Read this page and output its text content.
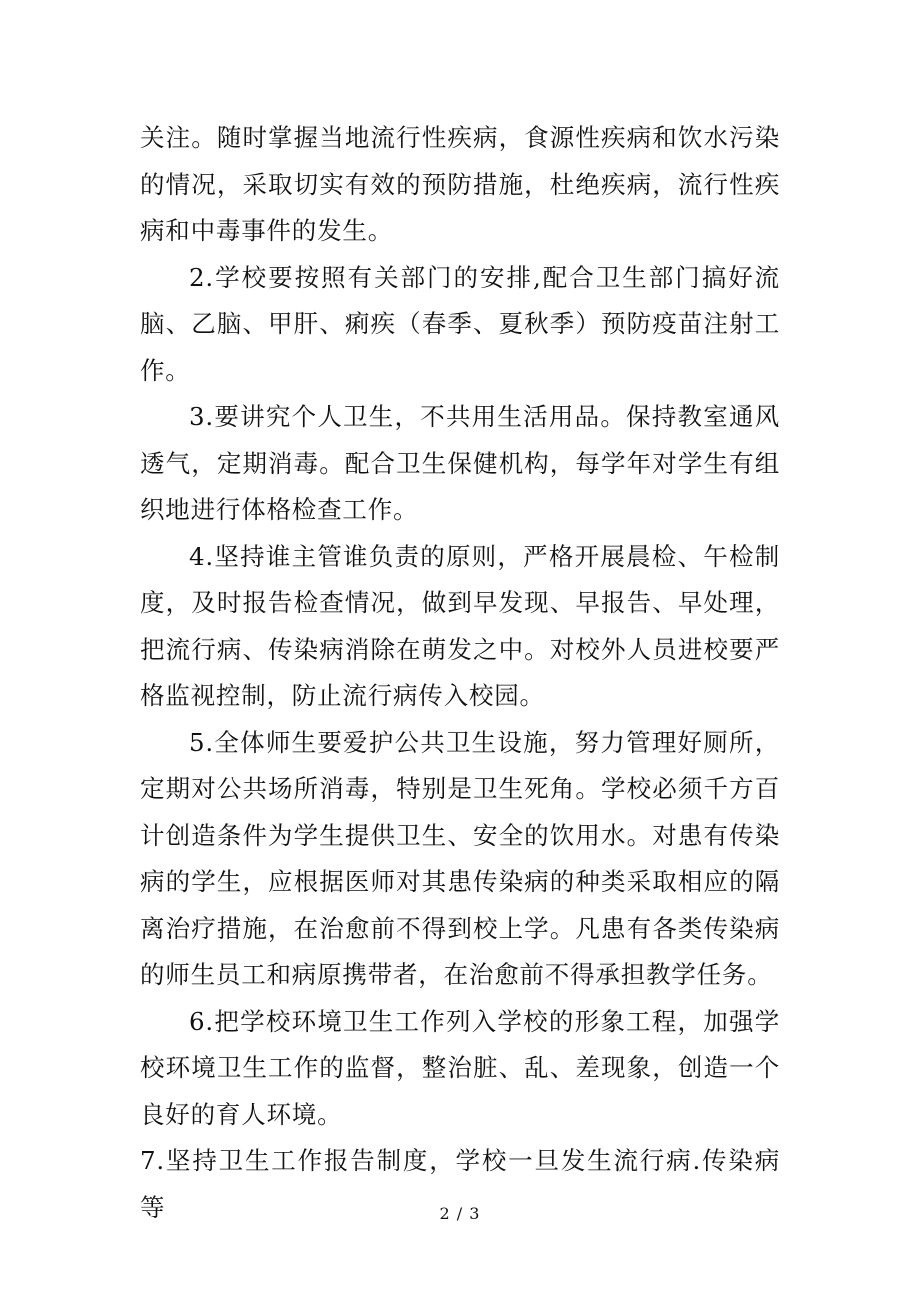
关注。随时掌握当地流行性疾病，食源性疾病和饮水污染的情况，采取切实有效的预防措施，杜绝疾病，流行性疾病和中毒事件的发生。

2.学校要按照有关部门的安排,配合卫生部门搞好流脑、乙脑、甲肝、痢疾（春季、夏秋季）预防疫苗注射工作。

3.要讲究个人卫生，不共用生活用品。保持教室通风透气，定期消毒。配合卫生保健机构，每学年对学生有组织地进行体格检查工作。

4.坚持谁主管谁负责的原则，严格开展晨检、午检制度，及时报告检查情况，做到早发现、早报告、早处理，把流行病、传染病消除在萌发之中。对校外人员进校要严格监视控制，防止流行病传入校园。

5.全体师生要爱护公共卫生设施，努力管理好厕所，定期对公共场所消毒，特别是卫生死角。学校必须千方百计创造条件为学生提供卫生、安全的饮用水。对患有传染病的学生，应根据医师对其患传染病的种类采取相应的隔离治疗措施，在治愈前不得到校上学。凡患有各类传染病的师生员工和病原携带者，在治愈前不得承担教学任务。

6.把学校环境卫生工作列入学校的形象工程，加强学校环境卫生工作的监督，整治脏、乱、差现象，创造一个良好的育人环境。

7.坚持卫生工作报告制度，学校一旦发生流行病.传染病等	2 / 3
